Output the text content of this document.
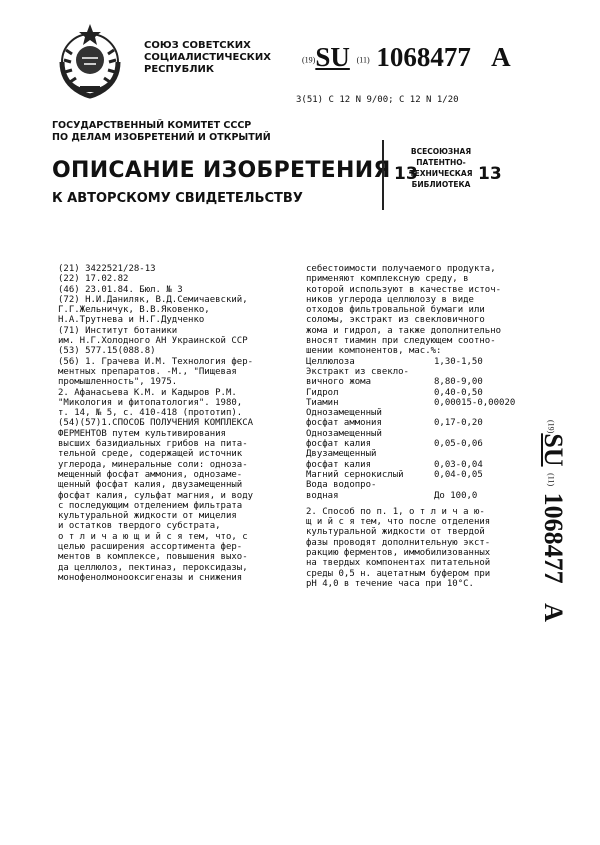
СОЮЗ СОВЕТСКИХ
СОЦИАЛИСТИЧЕСКИХ
РЕСПУБЛИК
(19)SU (11) 1068477 A
3(51) C 12 N 9/00; C 12 N 1/20
ГОСУДАРСТВЕННЫЙ КОМИТЕТ СССР
ПО ДЕЛАМ ИЗОБРЕТЕНИЙ И ОТКРЫТИЙ
ОПИСАНИЕ ИЗОБРЕТЕНИЯ
К АВТОРСКОМУ СВИДЕТЕЛЬСТВУ
13
ВСЕСОЮЗНАЯ
ПАТЕНТНО-
ТЕХНИЧЕСКАЯ
БИБЛИОТЕКА
13
(21) 3422521/28-13
(22) 17.02.82
(46) 23.01.84. Бюл. № 3
(72) Н.И.Даниляк, В.Д.Семичаевский,
Г.Г.Жельничук, В.В.Яковенко,
Н.А.Трутнева и Н.Г.Дудченко
(71) Институт ботаники
им. Н.Г.Холодного АН Украинской ССР
(53) 577.15(088.8)
(56) 1. Грачева И.М. Технология фер-
ментных препаратов. -М., "Пищевая
промышленность", 1975.
2. Афанасьева К.М. и Кадыров Р.М.
"Микология и фитопатология". 1980,
т. 14, № 5, с. 410-418 (прототип).
(54)(57)1.СПОСОБ ПОЛУЧЕНИЯ КОМПЛЕКСА
ФЕРМЕНТОВ путем культивирования
высших базидиальных грибов на пита-
тельной среде, содержащей источник
углерода, минеральные соли: однозa-
мещенный фосфат аммония, однозаме-
щенный фосфат калия, двузамещенный
фосфат калия, сульфат магния, и воду
с последующим отделением фильтрата
культуральной жидкости от мицелия
и остатков твердого субстрата,
о т л и ч а ю щ и й с я тем, что, с
целью расширения ассортимента фер-
ментов в комплексе, повышения выхо-
да целлюлоз, пектиназ, пероксидазы,
монофенолмонооксигеназы и снижения
себестоимости получаемого продукта,
применяют комплексную среду, в
которой используют в качестве источ-
ников углерода целлюлозу в виде
отходов фильтровальной бумаги или
соломы, экстракт из свекловичного
жома и гидрол, а также дополнительно
вносят тиамин при следующем соотно-
шении компонентов, мас.%:
Целлюлоза	1,30-1,50
Экстракт из свекло-
вичного жома	8,80-9,00
Гидрол	0,40-0,50
Тиамин	0,00015-0,00020
Однозамещенный
фосфат аммония	0,17-0,20
Однозамещенный
фосфат калия	0,05-0,06
Двузамещенный
фосфат калия	0,03-0,04
Магний сернокислый	0,04-0,05
Вода водопро-
водная	До 100,0
2. Способ по п. 1, о т л и ч а ю-
щ и й с я тем, что после отделения
культуральной жидкости от твердой
фазы проводят дополнительную экст-
ракцию ферментов, иммобилизованных
на твердых компонентах питательной
среды 0,5 н. ацетатным буфером при
pH 4,0 в течение часа при 10°C.
(19)SU (11) 1068477   A
